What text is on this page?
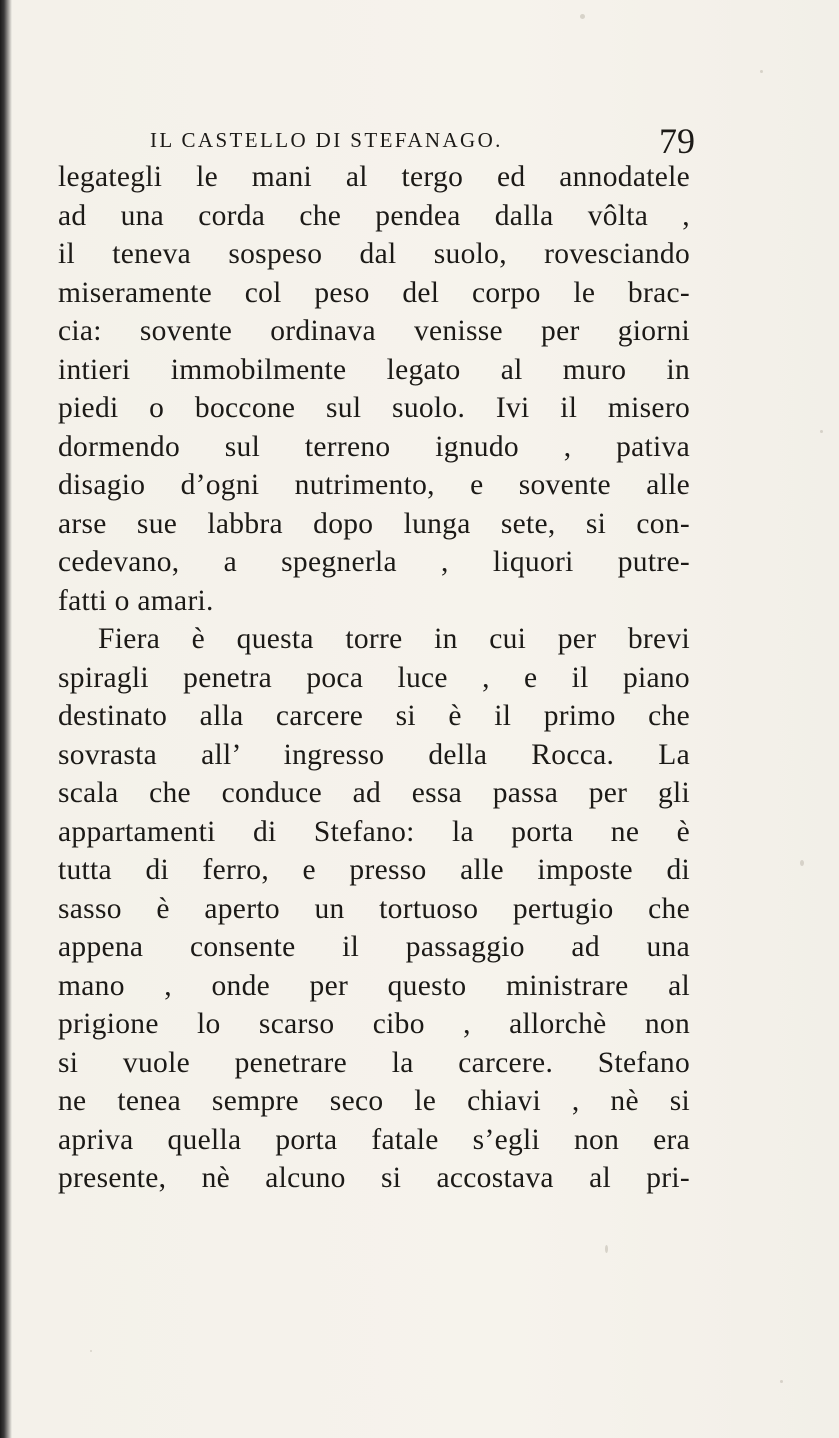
IL CASTELLO DI STEFANAGO.	79
legategli le mani al tergo ed annodatele
ad una corda che pendea dalla vôlta ,
il teneva sospeso dal suolo, rovesciando
miseramente col peso del corpo le brac-
cia: sovente ordinava venisse per giorni
intieri immobilmente legato al muro in
piedi o boccone sul suolo. Ivi il misero
dormendo sul terreno ignudo , pativa
disagio d’ogni nutrimento, e sovente alle
arse sue labbra dopo lunga sete, si con-
cedevano, a spegnerla , liquori putre-
fatti o amari.
Fiera è questa torre in cui per brevi
spiragli penetra poca luce , e il piano
destinato alla carcere si è il primo che
sovrasta all’ ingresso della Rocca. La
scala che conduce ad essa passa per gli
appartamenti di Stefano: la porta ne è
tutta di ferro, e presso alle imposte di
sasso è aperto un tortuoso pertugio che
appena consente il passaggio ad una
mano , onde per questo ministrare al
prigione lo scarso cibo , allorchè non
si vuole penetrare la carcere. Stefano
ne tenea sempre seco le chiavi , nè si
apriva quella porta fatale s’egli non era
presente, nè alcuno si accostava al pri-
